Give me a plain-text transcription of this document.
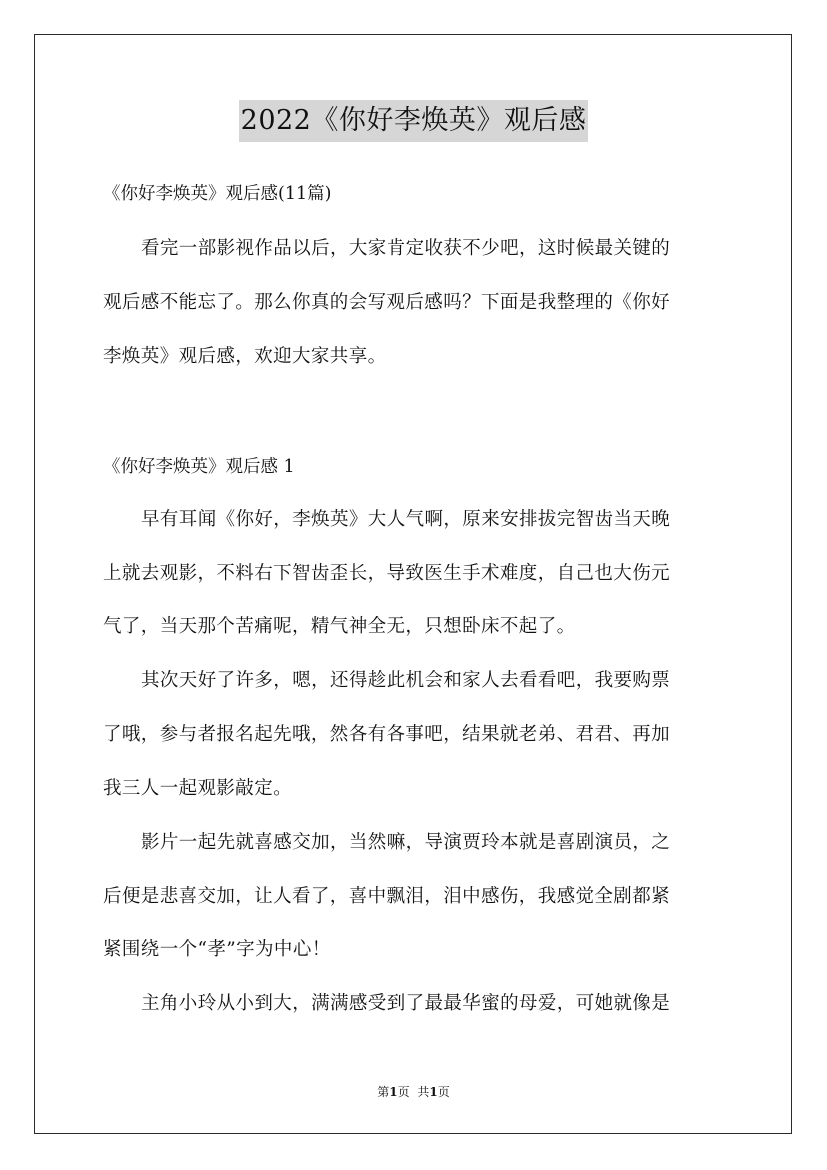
2022《你好李焕英》观后感
《你好李焕英》观后感(11篇)
看完一部影视作品以后，大家肯定收获不少吧，这时候最关键的
观后感不能忘了。那么你真的会写观后感吗？下面是我整理的《你好
李焕英》观后感，欢迎大家共享。
《你好李焕英》观后感 1
早有耳闻《你好，李焕英》大人气啊，原来安排拔完智齿当天晚
上就去观影，不料右下智齿歪长，导致医生手术难度，自己也大伤元
气了，当天那个苦痛呢，精气神全无，只想卧床不起了。
其次天好了许多，嗯，还得趁此机会和家人去看看吧，我要购票
了哦，参与者报名起先哦，然各有各事吧，结果就老弟、君君、再加
我三人一起观影敲定。
影片一起先就喜感交加，当然嘛，导演贾玲本就是喜剧演员，之
后便是悲喜交加，让人看了，喜中飘泪，泪中感伤，我感觉全剧都紧
紧围绕一个“孝”字为中心！
主角小玲从小到大，满满感受到了最最华蜜的母爱，可她就像是
第1页 共1页
